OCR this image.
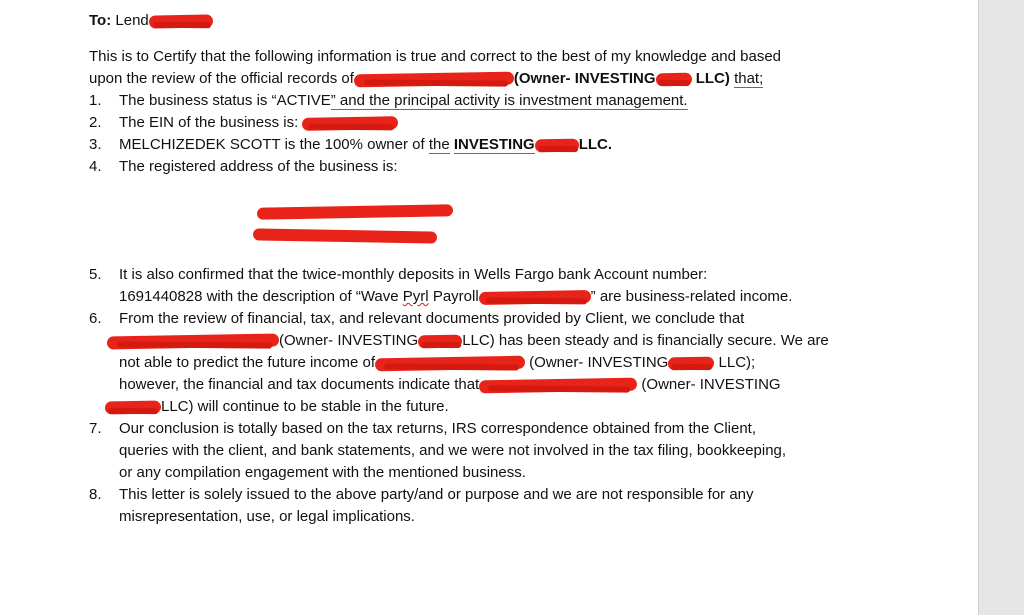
To: Lend

This is to Certify that the following information is true and correct to the best of my knowledge and based

upon the review of the official records of	(Owner- INVESTING	LLC) that;

1.	The business status is “ACTIVE” and the principal activity is investment management.
2.	The EIN of the business is:
3.	MELCHIZEDEK SCOTT is the 100% owner of the INVESTING	LLC.
4.	The registered address of the business is:
5.	It is also confirmed that the twice-monthly deposits in Wells Fargo bank Account number:
1691440828 with the description of “Wave Pyrl Payroll	” are business-related income.
6.	From the review of financial, tax, and relevant documents provided by Client, we conclude that
(Owner- INVESTING	LLC) has been steady and is financially secure. We are
not able to predict the future income of	(Owner- INVESTING	LLC);
however, the financial and tax documents indicate that	(Owner- INVESTING
LLC) will continue to be stable in the future.
7.	Our conclusion is totally based on the tax returns, IRS correspondence obtained from the Client,
queries with the client, and bank statements, and we were not involved in the tax filing, bookkeeping,
or any compilation engagement with the mentioned business.
8.	This letter is solely issued to the above party/and or purpose and we are not responsible for any
misrepresentation, use, or legal implications.
